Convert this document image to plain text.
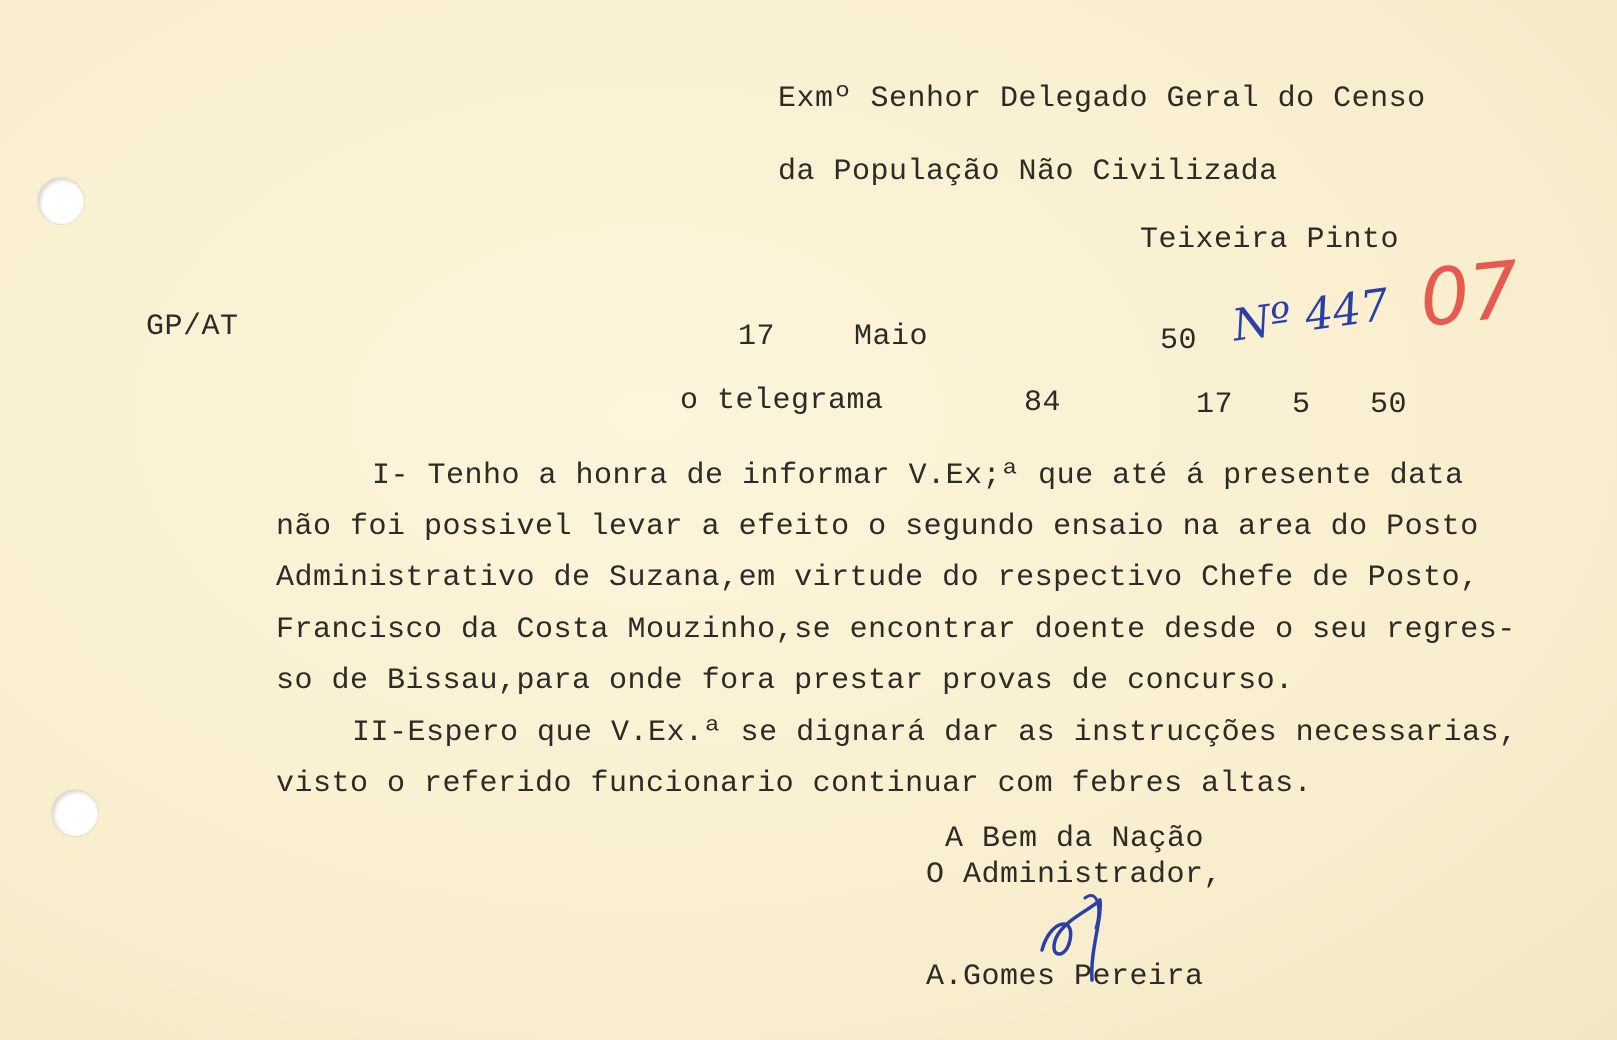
Exmº Senhor Delegado Geral do Censo
da População Não Civilizada
Teixeira Pinto
GP/AT	17	Maio	50 Nº 447 07
o telegrama	84	17 5 50
I- Tenho a honra de informar V.Ex;ª que até á presente data
não foi possivel levar a efeito o segundo ensaio na area do Posto
Administrativo de Suzana,em virtude do respectivo Chefe de Posto,
Francisco da Costa Mouzinho,se encontrar doente desde o seu regres-
so de Bissau,para onde fora prestar provas de concurso.
II-Espero que V.Ex.ª se dignará dar as instrucções necessarias,
visto o referido funcionario continuar com febres altas.
A Bem da Nação
O Administrador,
A.Gomes Pereira
